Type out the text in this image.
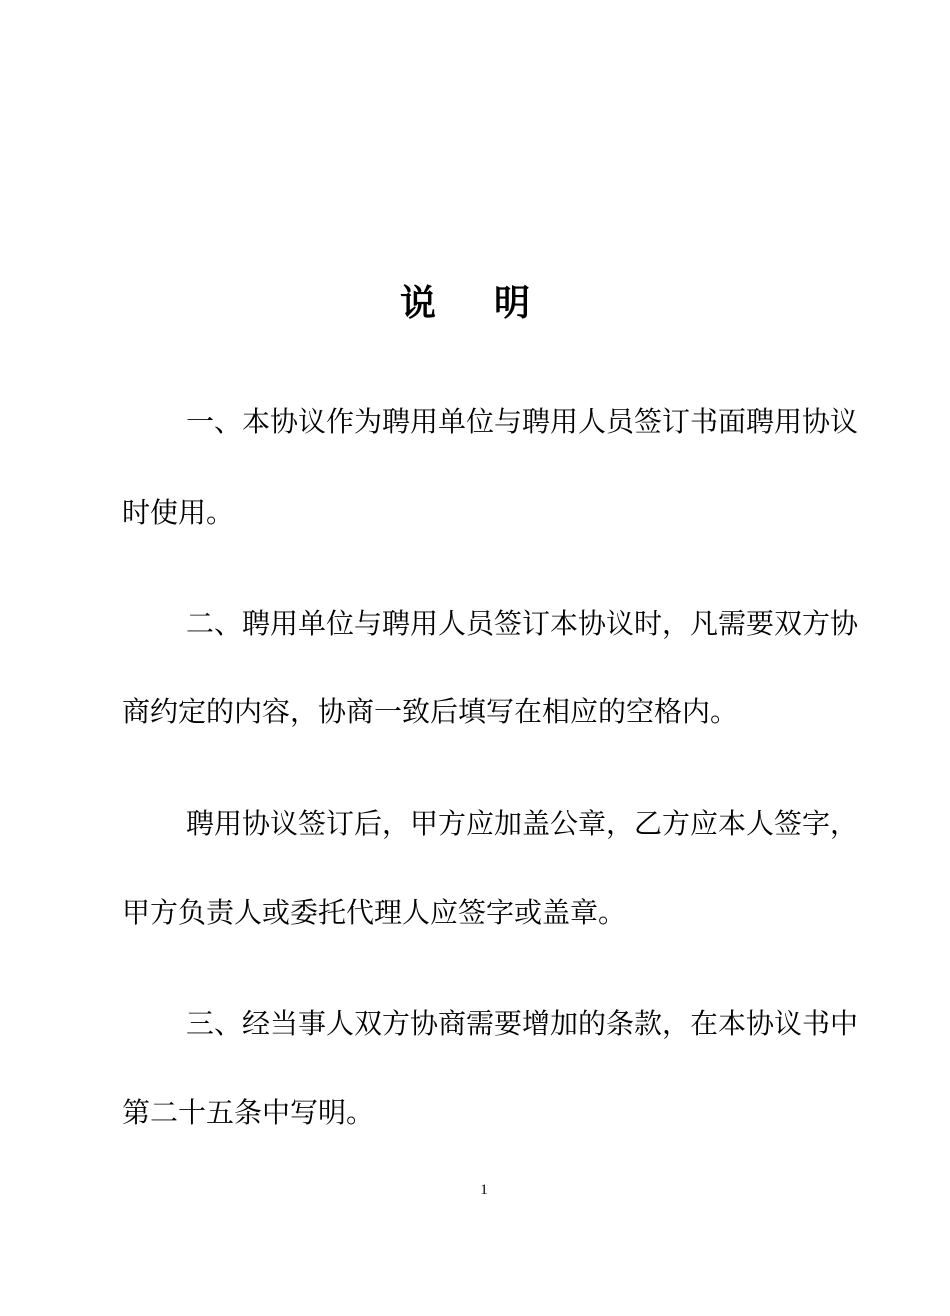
说明
一、本协议作为聘用单位与聘用人员签订书面聘用协议
时使用。
二、聘用单位与聘用人员签订本协议时，凡需要双方协
商约定的内容，协商一致后填写在相应的空格内。
聘用协议签订后，甲方应加盖公章，乙方应本人签字，
甲方负责人或委托代理人应签字或盖章。
三、经当事人双方协商需要增加的条款，在本协议书中
第二十五条中写明。
1
